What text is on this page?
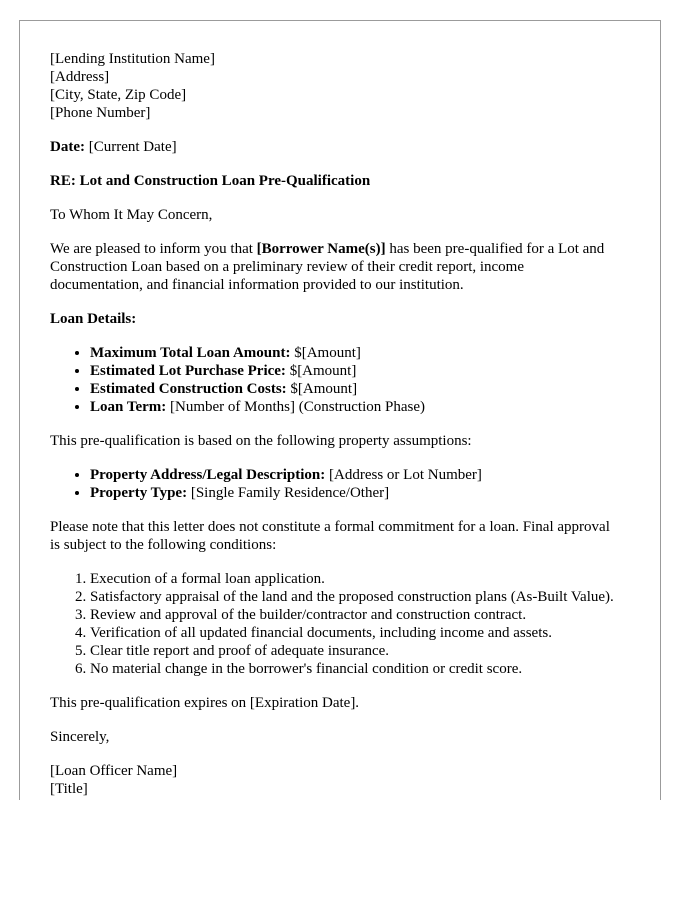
[Lending Institution Name]
[Address]
[City, State, Zip Code]
[Phone Number]

Date: [Current Date]

RE: Lot and Construction Loan Pre-Qualification

To Whom It May Concern,

We are pleased to inform you that [Borrower Name(s)] has been pre-qualified for a Lot and Construction Loan based on a preliminary review of their credit report, income documentation, and financial information provided to our institution.

Loan Details:

• Maximum Total Loan Amount: $[Amount]
• Estimated Lot Purchase Price: $[Amount]
• Estimated Construction Costs: $[Amount]
• Loan Term: [Number of Months] (Construction Phase)

This pre-qualification is based on the following property assumptions:

• Property Address/Legal Description: [Address or Lot Number]
• Property Type: [Single Family Residence/Other]

Please note that this letter does not constitute a formal commitment for a loan. Final approval is subject to the following conditions:

1. Execution of a formal loan application.
2. Satisfactory appraisal of the land and the proposed construction plans (As-Built Value).
3. Review and approval of the builder/contractor and construction contract.
4. Verification of all updated financial documents, including income and assets.
5. Clear title report and proof of adequate insurance.
6. No material change in the borrower's financial condition or credit score.

This pre-qualification expires on [Expiration Date].

Sincerely,

[Loan Officer Name]
[Title]
